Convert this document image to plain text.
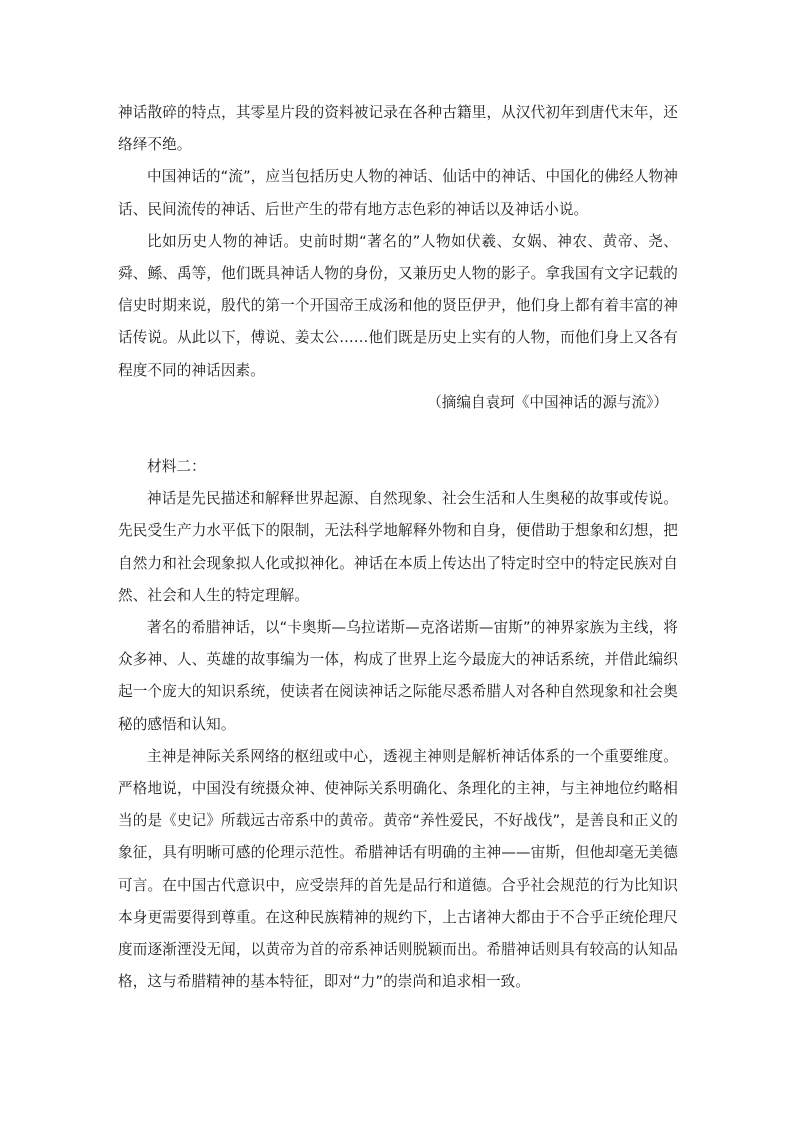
神话散碎的特点，其零星片段的资料被记录在各种古籍里，从汉代初年到唐代末年，还络绎不绝。

中国神话的“流”，应当包括历史人物的神话、仙话中的神话、中国化的佛经人物神话、民间流传的神话、后世产生的带有地方志色彩的神话以及神话小说。

比如历史人物的神话。史前时期“著名的”人物如伏羲、女娲、神农、黄帝、尧、舜、鲧、禹等，他们既具神话人物的身份，又兼历史人物的影子。拿我国有文字记载的信史时期来说，殷代的第一个开国帝王成汤和他的贤臣伊尹，他们身上都有着丰富的神话传说。从此以下，傅说、姜太公……他们既是历史上实有的人物，而他们身上又各有程度不同的神话因素。

（摘编自袁珂《中国神话的源与流》）

材料二：

神话是先民描述和解释世界起源、自然现象、社会生活和人生奥秘的故事或传说。先民受生产力水平低下的限制，无法科学地解释外物和自身，便借助于想象和幻想，把自然力和社会现象拟人化或拟神化。神话在本质上传达出了特定时空中的特定民族对自然、社会和人生的特定理解。

著名的希腊神话，以“卡奥斯—乌拉诺斯—克洛诺斯—宙斯”的神界家族为主线，将众多神、人、英雄的故事编为一体，构成了世界上迄今最庞大的神话系统，并借此编织起一个庞大的知识系统，使读者在阅读神话之际能尽悉希腊人对各种自然现象和社会奥秘的感悟和认知。

主神是神际关系网络的枢纽或中心，透视主神则是解析神话体系的一个重要维度。严格地说，中国没有统摄众神、使神际关系明确化、条理化的主神，与主神地位约略相当的是《史记》所载远古帝系中的黄帝。黄帝“养性爱民，不好战伐”，是善良和正义的象征，具有明晰可感的伦理示范性。希腊神话有明确的主神——宙斯，但他却毫无美德可言。在中国古代意识中，应受崇拜的首先是品行和道德。合乎社会规范的行为比知识本身更需要得到尊重。在这种民族精神的规约下，上古诸神大都由于不合乎正统伦理尺度而逐渐湮没无闻，以黄帝为首的帝系神话则脱颖而出。希腊神话则具有较高的认知品格，这与希腊精神的基本特征，即对“力”的崇尚和追求相一致。
